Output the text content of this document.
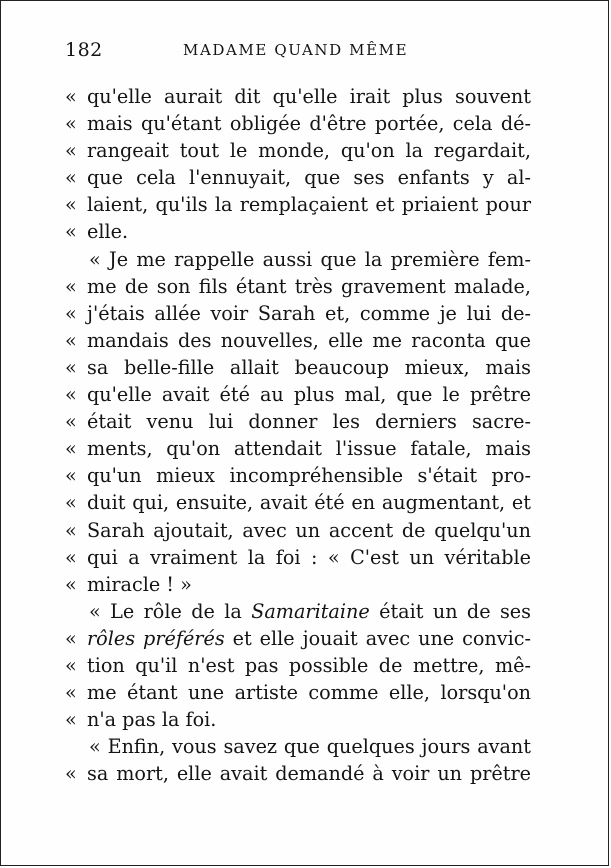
182	MADAME QUAND MÊME
« qu'elle aurait dit qu'elle irait plus souvent
« mais qu'étant obligée d'être portée, cela dé-
« rangeait tout le monde, qu'on la regardait,
« que cela l'ennuyait, que ses enfants y al-
« laient, qu'ils la remplaçaient et priaient pour
« elle.
« Je me rappelle aussi que la première fem-
« me de son fils étant très gravement malade,
« j'étais allée voir Sarah et, comme je lui de-
« mandais des nouvelles, elle me raconta que
« sa belle-fille allait beaucoup mieux, mais
« qu'elle avait été au plus mal, que le prêtre
« était venu lui donner les derniers sacre-
« ments, qu'on attendait l'issue fatale, mais
« qu'un mieux incompréhensible s'était pro-
« duit qui, ensuite, avait été en augmentant, et
« Sarah ajoutait, avec un accent de quelqu'un
« qui a vraiment la foi : « C'est un véritable
« miracle ! »
« Le rôle de la Samaritaine était un de ses
« rôles préférés et elle jouait avec une convic-
« tion qu'il n'est pas possible de mettre, mê-
« me étant une artiste comme elle, lorsqu'on
« n'a pas la foi.
« Enfin, vous savez que quelques jours avant
« sa mort, elle avait demandé à voir un prêtre
